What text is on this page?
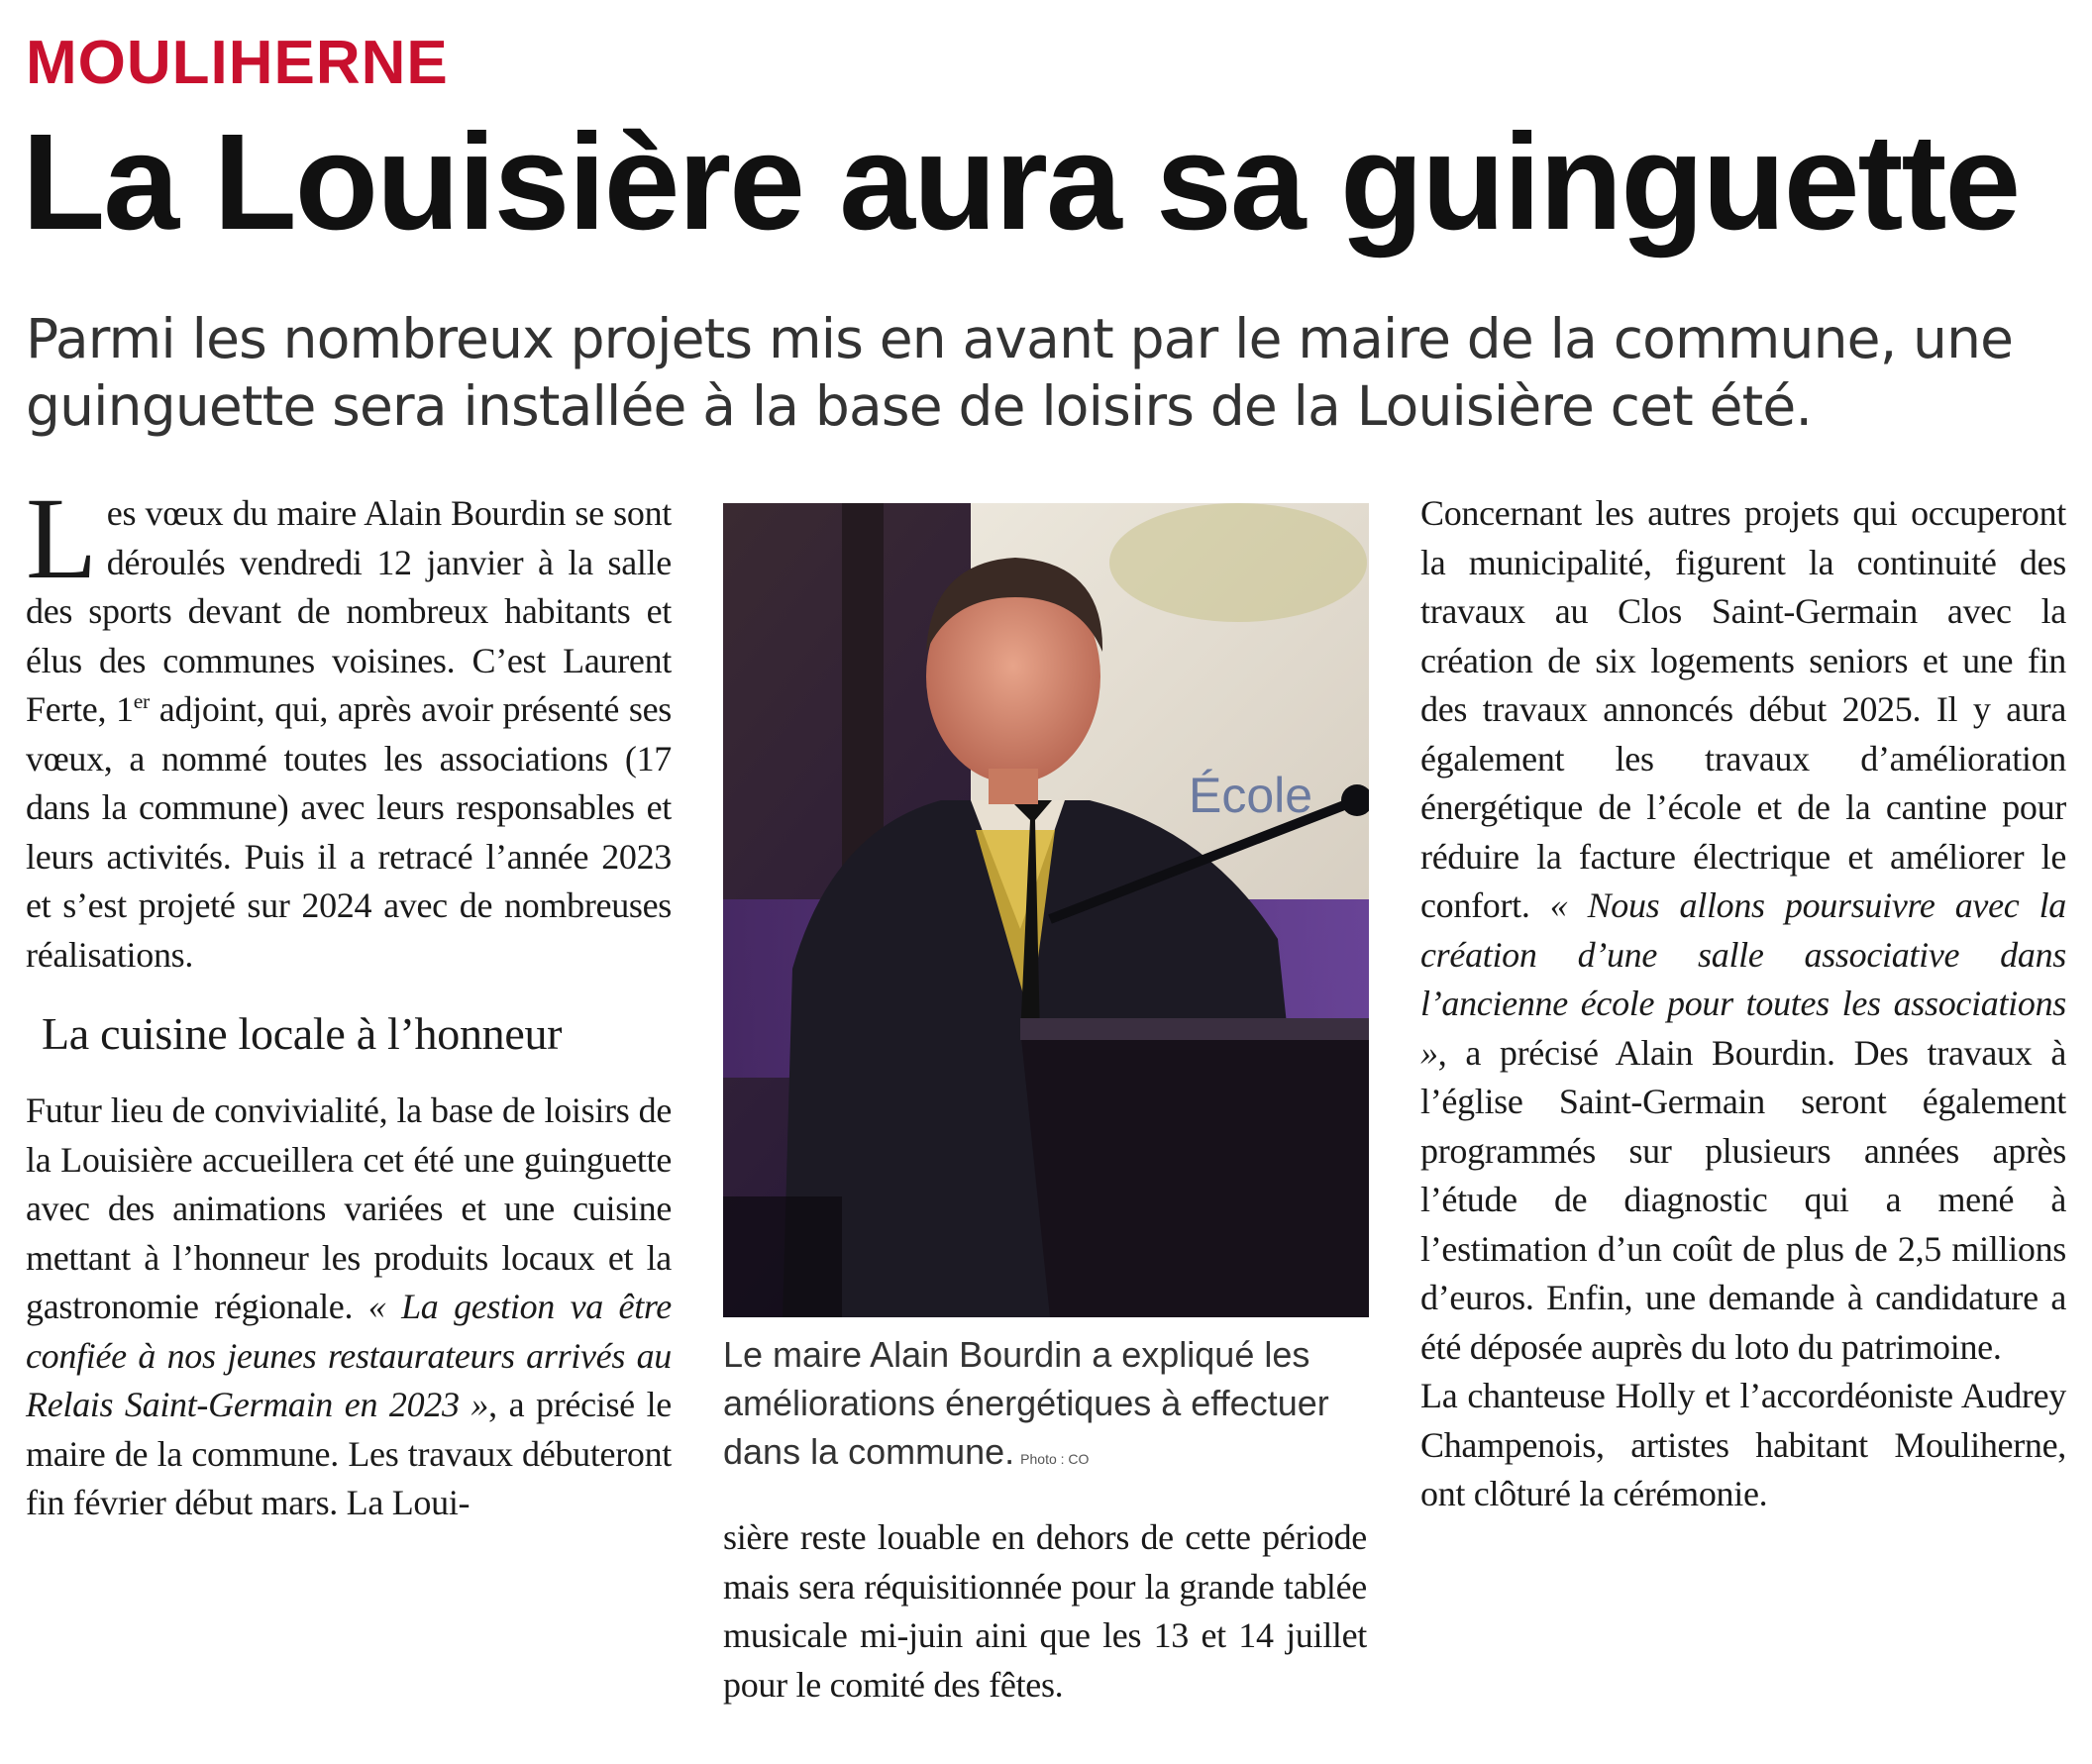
MOULIHERNE
La Louisière aura sa guinguette
Parmi les nombreux projets mis en avant par le maire de la commune, une guinguette sera installée à la base de loisirs de la Louisière cet été.

Les vœux du maire Alain Bourdin se sont déroulés vendredi 12 janvier à la salle des sports devant de nombreux habitants et élus des communes voisines. C’est Laurent Ferte, 1er adjoint, qui, après avoir présenté ses vœux, a nommé toutes les associations (17 dans la commune) avec leurs responsables et leurs activités. Puis il a retracé l’année 2023 et s’est projeté sur 2024 avec de nombreuses réalisations.

La cuisine locale à l’honneur

Futur lieu de convivialité, la base de loisirs de la Louisière accueillera cet été une guinguette avec des animations variées et une cuisine mettant à l’honneur les produits locaux et la gastronomie régionale. « La gestion va être confiée à nos jeunes restaurateurs arrivés au Relais Saint-Germain en 2023 », a précisé le maire de la commune. Les travaux débuteront fin février début mars. La Loui-

École
Le maire Alain Bourdin a expliqué les améliorations énergétiques à effectuer dans la commune. Photo : CO

sière reste louable en dehors de cette période mais sera réquisitionnée pour la grande tablée musicale mi-juin aini que les 13 et 14 juillet pour le comité des fêtes.

Concernant les autres projets qui occuperont la municipalité, figurent la continuité des travaux au Clos Saint-Germain avec la création de six logements seniors et une fin des travaux annoncés début 2025. Il y aura également les travaux d’amélioration énergétique de l’école et de la cantine pour réduire la facture électrique et améliorer le confort. « Nous allons poursuivre avec la création d’une salle associative dans l’ancienne école pour toutes les associations », a précisé Alain Bourdin. Des travaux à l’église Saint-Germain seront également programmés sur plusieurs années après l’étude de diagnostic qui a mené à l’estimation d’un coût de plus de 2,5 millions d’euros. Enfin, une demande à candidature a été déposée auprès du loto du patrimoine.

La chanteuse Holly et l’accordéoniste Audrey Champenois, artistes habitant Mouliherne, ont clôturé la cérémonie.
